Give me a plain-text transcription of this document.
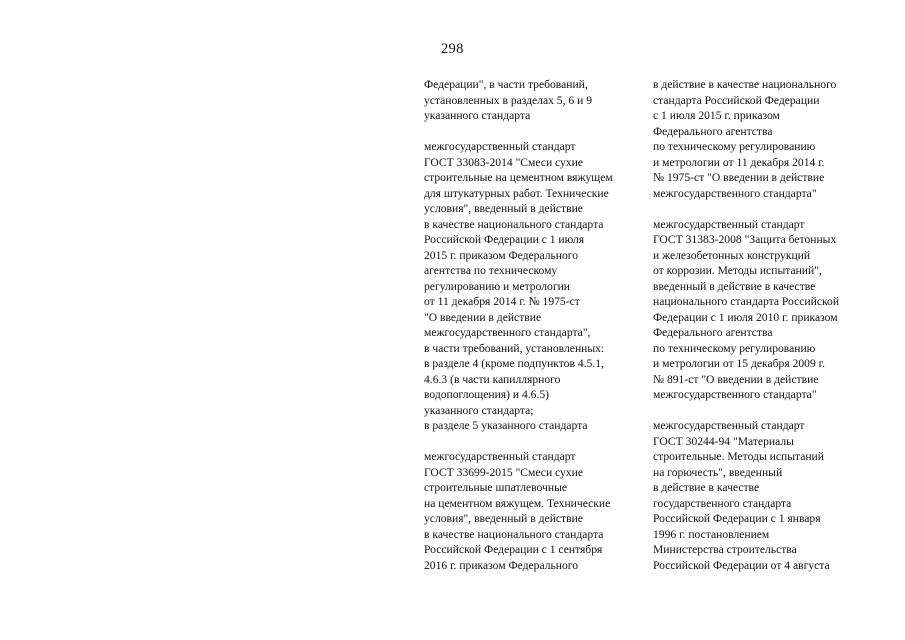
298
Федерации", в части требований,
установленных в разделах 5, 6 и 9
указанного стандарта
межгосударственный стандарт
ГОСТ 33083-2014 "Смеси сухие
строительные на цементном вяжущем
для штукатурных работ. Технические
условия", введенный в действие
в качестве национального стандарта
Российской Федерации с 1 июля
2015 г. приказом Федерального
агентства по техническому
регулированию и метрологии
от 11 декабря 2014 г. № 1975-ст
"О введении в действие
межгосударственного стандарта",
в части требований, установленных:
в разделе 4 (кроме подпунктов 4.5.1,
4.6.3 (в части капиллярного
водопоглощения) и 4.6.5)
указанного стандарта;
в разделе 5 указанного стандарта
межгосударственный стандарт
ГОСТ 33699-2015 "Смеси сухие
строительные шпатлевочные
на цементном вяжущем. Технические
условия", введенный в действие
в качестве национального стандарта
Российской Федерации с 1 сентября
2016 г. приказом Федерального
в действие в качестве национального
стандарта Российской Федерации
с 1 июля 2015 г. приказом
Федерального агентства
по техническому регулированию
и метрологии от 11 декабря 2014 г.
№ 1975-ст "О введении в действие
межгосударственного стандарта"
межгосударственный стандарт
ГОСТ 31383-2008 "Защита бетонных
и железобетонных конструкций
от коррозии. Методы испытаний",
введенный в действие в качестве
национального стандарта Российской
Федерации с 1 июля 2010 г. приказом
Федерального агентства
по техническому регулированию
и метрологии от 15 декабря 2009 г.
№ 891-ст "О введении в действие
межгосударственного стандарта"
межгосударственный стандарт
ГОСТ 30244-94 "Материалы
строительные. Методы испытаний
на горючесть", введенный
в действие в качестве
государственного стандарта
Российской Федерации с 1 января
1996 г. постановлением
Министерства строительства
Российской Федерации от 4 августа
